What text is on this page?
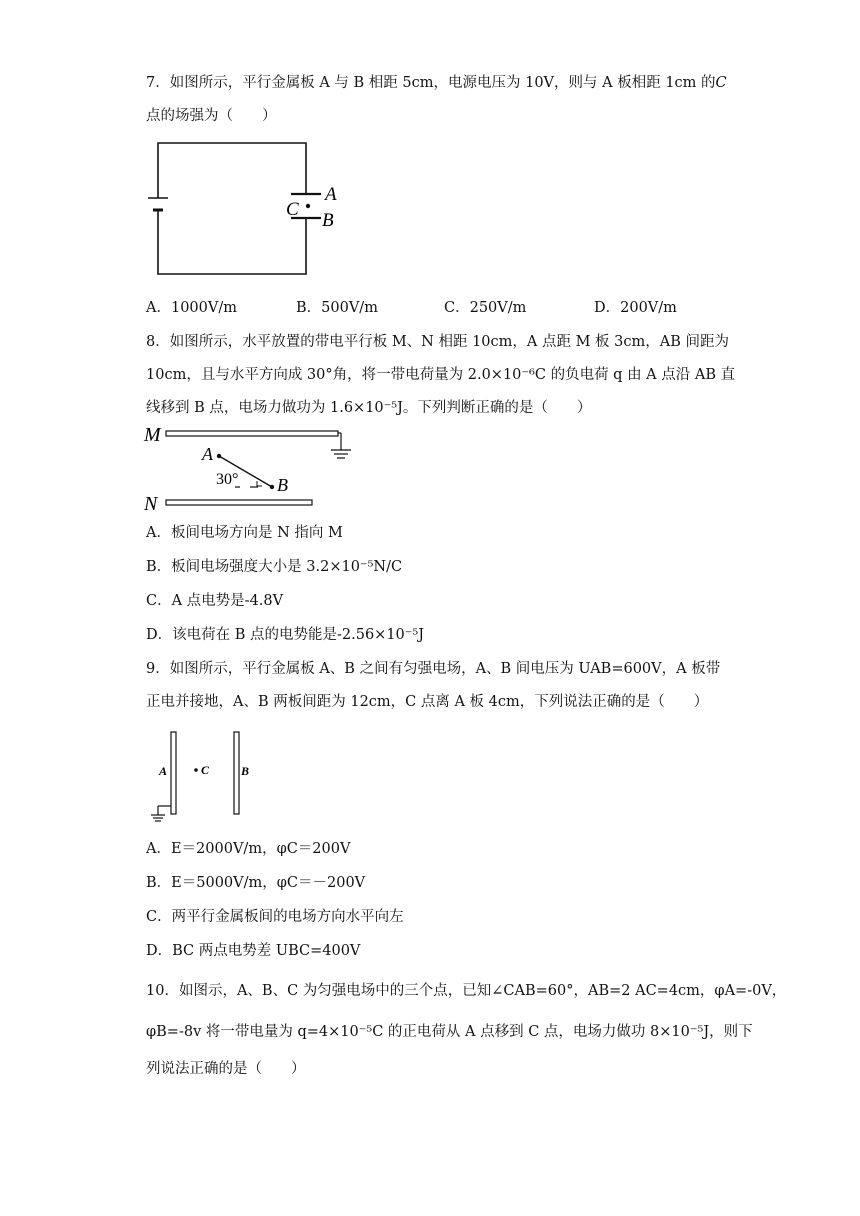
7．如图所示，平行金属板 A 与 B 相距 5cm，电源电压为 10V，则与 A 板相距 1cm 的C
点的场强为（　　）
A
C
B
A．1000V/m	B．500V/m	C．250V/m	D．200V/m
8．如图所示，水平放置的带电平行板 M、N 相距 10cm，A 点距 M 板 3cm，AB 间距为
10cm，且与水平方向成 30°角，将一带电荷量为 2.0×10⁻⁶C 的负电荷 q 由 A 点沿 AB 直
线移到 B 点，电场力做功为 1.6×10⁻⁵J。下列判断正确的是（　　）
M
N
A
B
30°
A．板间电场方向是 N 指向 M
B．板间电场强度大小是 3.2×10⁻⁵N/C
C．A 点电势是-4.8V
D．该电荷在 B 点的电势能是-2.56×10⁻⁵J
9．如图所示，平行金属板 A、B 之间有匀强电场，A、B 间电压为 UAB=600V，A 板带
正电并接地，A、B 两板间距为 12cm，C 点离 A 板 4cm，下列说法正确的是（　　）
A	C	B
A．E＝2000V/m，φC＝200V
B．E＝5000V/m，φC＝－200V
C．两平行金属板间的电场方向水平向左
D．BC 两点电势差 UBC=400V
10．如图示，A、B、C 为匀强电场中的三个点，已知∠CAB=60°，AB=2 AC=4cm，φA=-0V，
φB=-8v 将一带电量为 q=4×10⁻⁵C 的正电荷从 A 点移到 C 点，电场力做功 8×10⁻⁵J，则下
列说法正确的是（　　）
